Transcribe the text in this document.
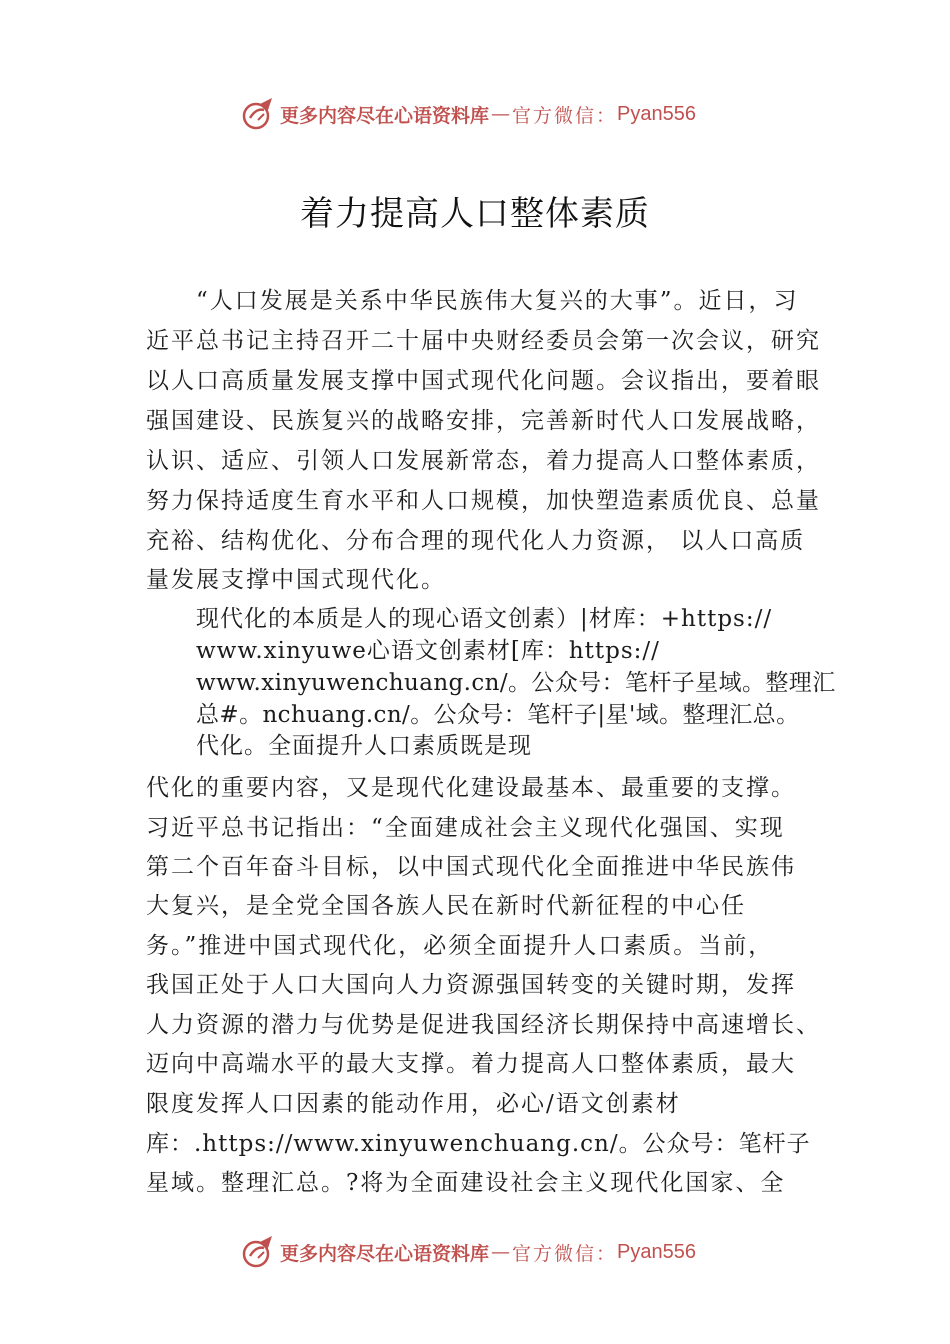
更多内容尽在心语资料库 — 官方微信： Pyan556
着力提高人口整体素质
“人口发展是关系中华民族伟大复兴的大事”。近日，习
近平总书记主持召开二十届中央财经委员会第一次会议，研究
以人口高质量发展支撑中国式现代化问题。会议指出，要着眼
强国建设、民族复兴的战略安排，完善新时代人口发展战略，
认识、适应、引领人口发展新常态，着力提高人口整体素质，
努力保持适度生育水平和人口规模，加快塑造素质优良、总量
充裕、结构优化、分布合理的现代化人力资源， 以人口高质
量发展支撑中国式现代化。
现代化的本质是人的现心语文创素）|材库：+https://
www.xinyuwe心语文创素材[库：https://
www.xinyuwenchuang.cn/。公众号：笔杆子星域。整理汇
总#。nchuang.cn/。公众号：笔杆子|星'域。整理汇总。
代化。全面提升人口素质既是现
代化的重要内容，又是现代化建设最基本、最重要的支撑。
习近平总书记指出：“全面建成社会主义现代化强国、实现
第二个百年奋斗目标，以中国式现代化全面推进中华民族伟
大复兴，是全党全国各族人民在新时代新征程的中心任
务。”推进中国式现代化，必须全面提升人口素质。当前，
我国正处于人口大国向人力资源强国转变的关键时期，发挥
人力资源的潜力与优势是促进我国经济长期保持中高速增长、
迈向中高端水平的最大支撑。着力提高人口整体素质，最大
限度发挥人口因素的能动作用，必心/语文创素材
库：.https://www.xinyuwenchuang.cn/。公众号：笔杆子
星域。整理汇总。?将为全面建设社会主义现代化国家、全
更多内容尽在心语资料库 — 官方微信： Pyan556
